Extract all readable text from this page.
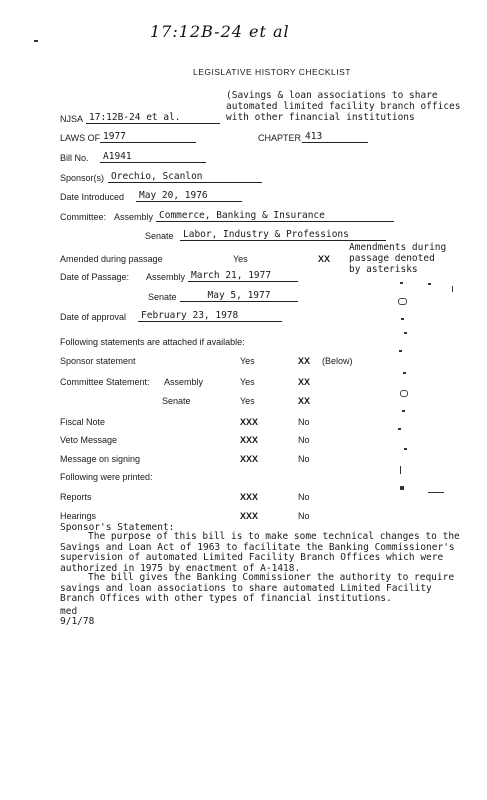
17:12B-24 et al
LEGISLATIVE HISTORY CHECKLIST
(Savings & loan associations to share
automated limited facility branch offices
with other financial institutions
NJSA 17:12B-24 et al.
LAWS OF 1977	CHAPTER 413
Bill No.	A1941
Sponsor(s) Orechio, Scanlon
Date Introduced	May 20, 1976
Committee: Assembly Commerce, Banking & Insurance
Senate Labor, Industry & Professions
Amended during passage	Yes	XX
Amendments during
passage denoted
by asterisks
Date of Passage: Assembly March 21, 1977
Senate	May 5, 1977
Date of approval	February 23, 1978
Following statements are attached if available:
Sponsor statement	Yes	XX (Below)
Committee Statement: Assembly	Yes	XX
Senate	Yes	XX
Fiscal Note	XXX	No
Veto Message	XXX	No
Message on signing	XXX	No
Following were printed:
Reports	XXX	No
Hearings	XXX	No
Sponsor's Statement:
The purpose of this bill is to make some technical changes to the Savings and Loan Act of 1963 to facilitate the Banking Commissioner's supervision of automated Limited Facility Branch Offices which were authorized in 1975 by enactment of A-1418.
The bill gives the Banking Commissioner the authority to require savings and loan associations to share automated Limited Facility Branch Offices with other types of financial institutions.
med
9/1/78
